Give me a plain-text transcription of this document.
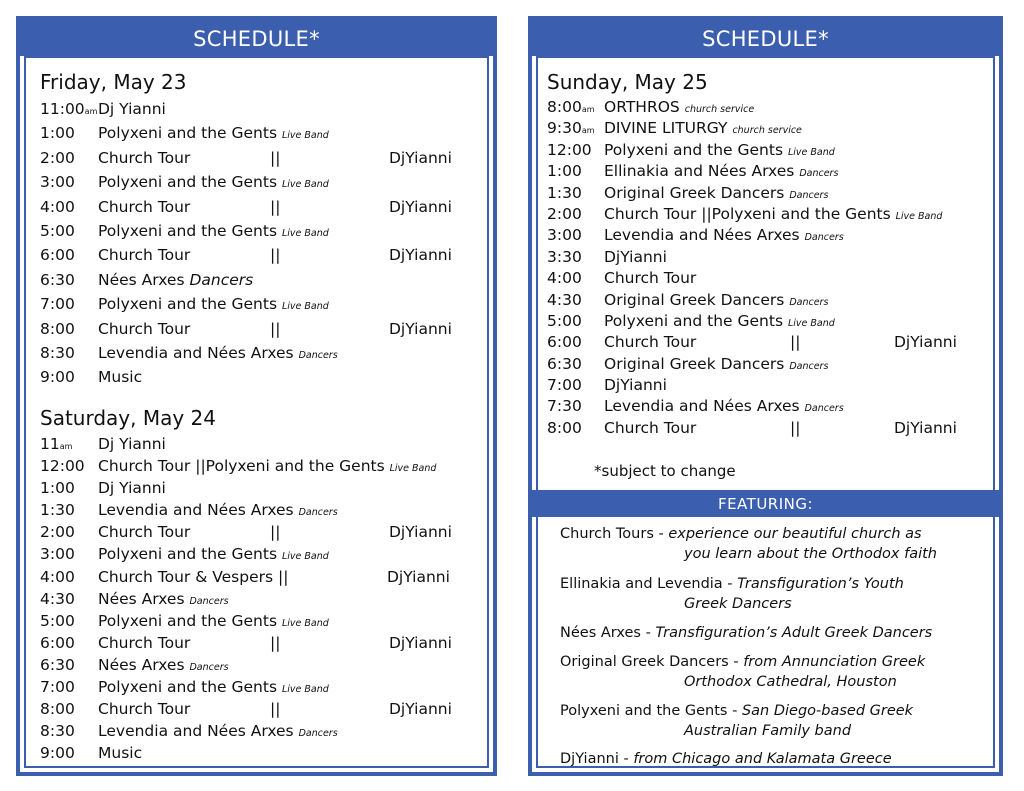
SCHEDULE*
Friday, May 23
11:00am Dj Yianni
1:00 Polyxeni and the Gents Live Band
2:00 Church Tour	||	DjYianni
3:00 Polyxeni and the Gents Live Band
4:00 Church Tour	||	DjYianni
5:00 Polyxeni and the Gents Live Band
6:00 Church Tour	||	DjYianni
6:30 Nées Arxes Dancers
7:00 Polyxeni and the Gents Live Band
8:00 Church Tour	||	DjYianni
8:30 Levendia and Nées Arxes Dancers
9:00 Music
Saturday, May 24
11am Dj Yianni
12:00 Church Tour ||Polyxeni and the Gents Live Band
1:00 Dj Yianni
1:30 Levendia and Nées Arxes Dancers
2:00 Church Tour	||	DjYianni
3:00 Polyxeni and the Gents Live Band
4:00 Church Tour & Vespers ||	DjYianni
4:30 Nées Arxes Dancers
5:00 Polyxeni and the Gents Live Band
6:00 Church Tour	||	DjYianni
6:30 Nées Arxes Dancers
7:00 Polyxeni and the Gents Live Band
8:00 Church Tour	||	DjYianni
8:30 Levendia and Nées Arxes Dancers
9:00 Music
SCHEDULE*
Sunday, May 25
8:00am ORTHROS church service
9:30am DIVINE LITURGY church service
12:00 Polyxeni and the Gents Live Band
1:00 Ellinakia and Nées Arxes Dancers
1:30 Original Greek Dancers Dancers
2:00 Church Tour ||Polyxeni and the Gents Live Band
3:00 Levendia and Nées Arxes Dancers
3:30 DjYianni
4:00 Church Tour
4:30 Original Greek Dancers Dancers
5:00 Polyxeni and the Gents Live Band
6:00 Church Tour	||	DjYianni
6:30 Original Greek Dancers Dancers
7:00 DjYianni
7:30 Levendia and Nées Arxes Dancers
8:00 Church Tour	||	DjYianni
*subject to change
FEATURING:
Church Tours - experience our beautiful church as
you learn about the Orthodox faith
Ellinakia and Levendia - Transfiguration’s Youth
Greek Dancers
Nées Arxes - Transfiguration’s Adult Greek Dancers
Original Greek Dancers - from Annunciation Greek
Orthodox Cathedral, Houston
Polyxeni and the Gents - San Diego-based Greek
Australian Family band
DjYianni - from Chicago and Kalamata Greece
